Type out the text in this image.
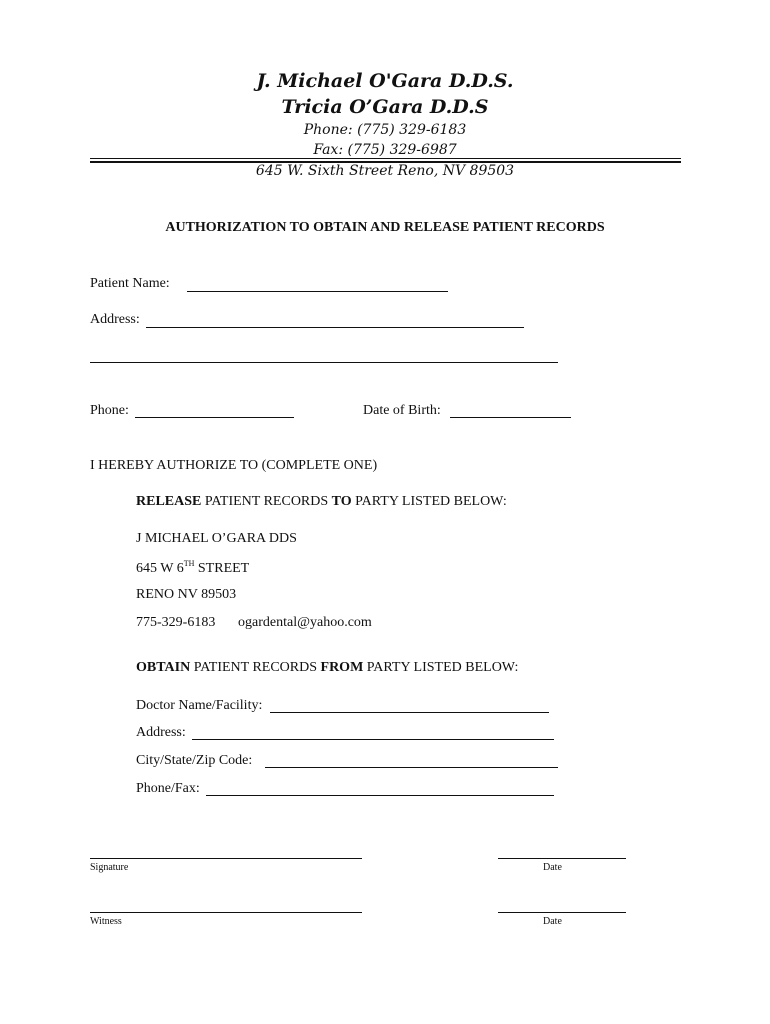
J. Michael O'Gara D.D.S.
Tricia O’Gara D.D.S
Phone: (775) 329-6183
Fax: (775) 329-6987
645 W. Sixth Street Reno, NV 89503
AUTHORIZATION TO OBTAIN AND RELEASE PATIENT RECORDS
Patient Name:
Address:
Phone:	Date of Birth:
I HEREBY AUTHORIZE TO (COMPLETE ONE)
RELEASE PATIENT RECORDS TO PARTY LISTED BELOW:
J MICHAEL O’GARA DDS
645 W 6TH STREET
RENO NV 89503
775-329-6183 ogardental@yahoo.com
OBTAIN PATIENT RECORDS FROM PARTY LISTED BELOW:
Doctor Name/Facility:
Address:
City/State/Zip Code:
Phone/Fax:
Signature	Date
Witness	Date
